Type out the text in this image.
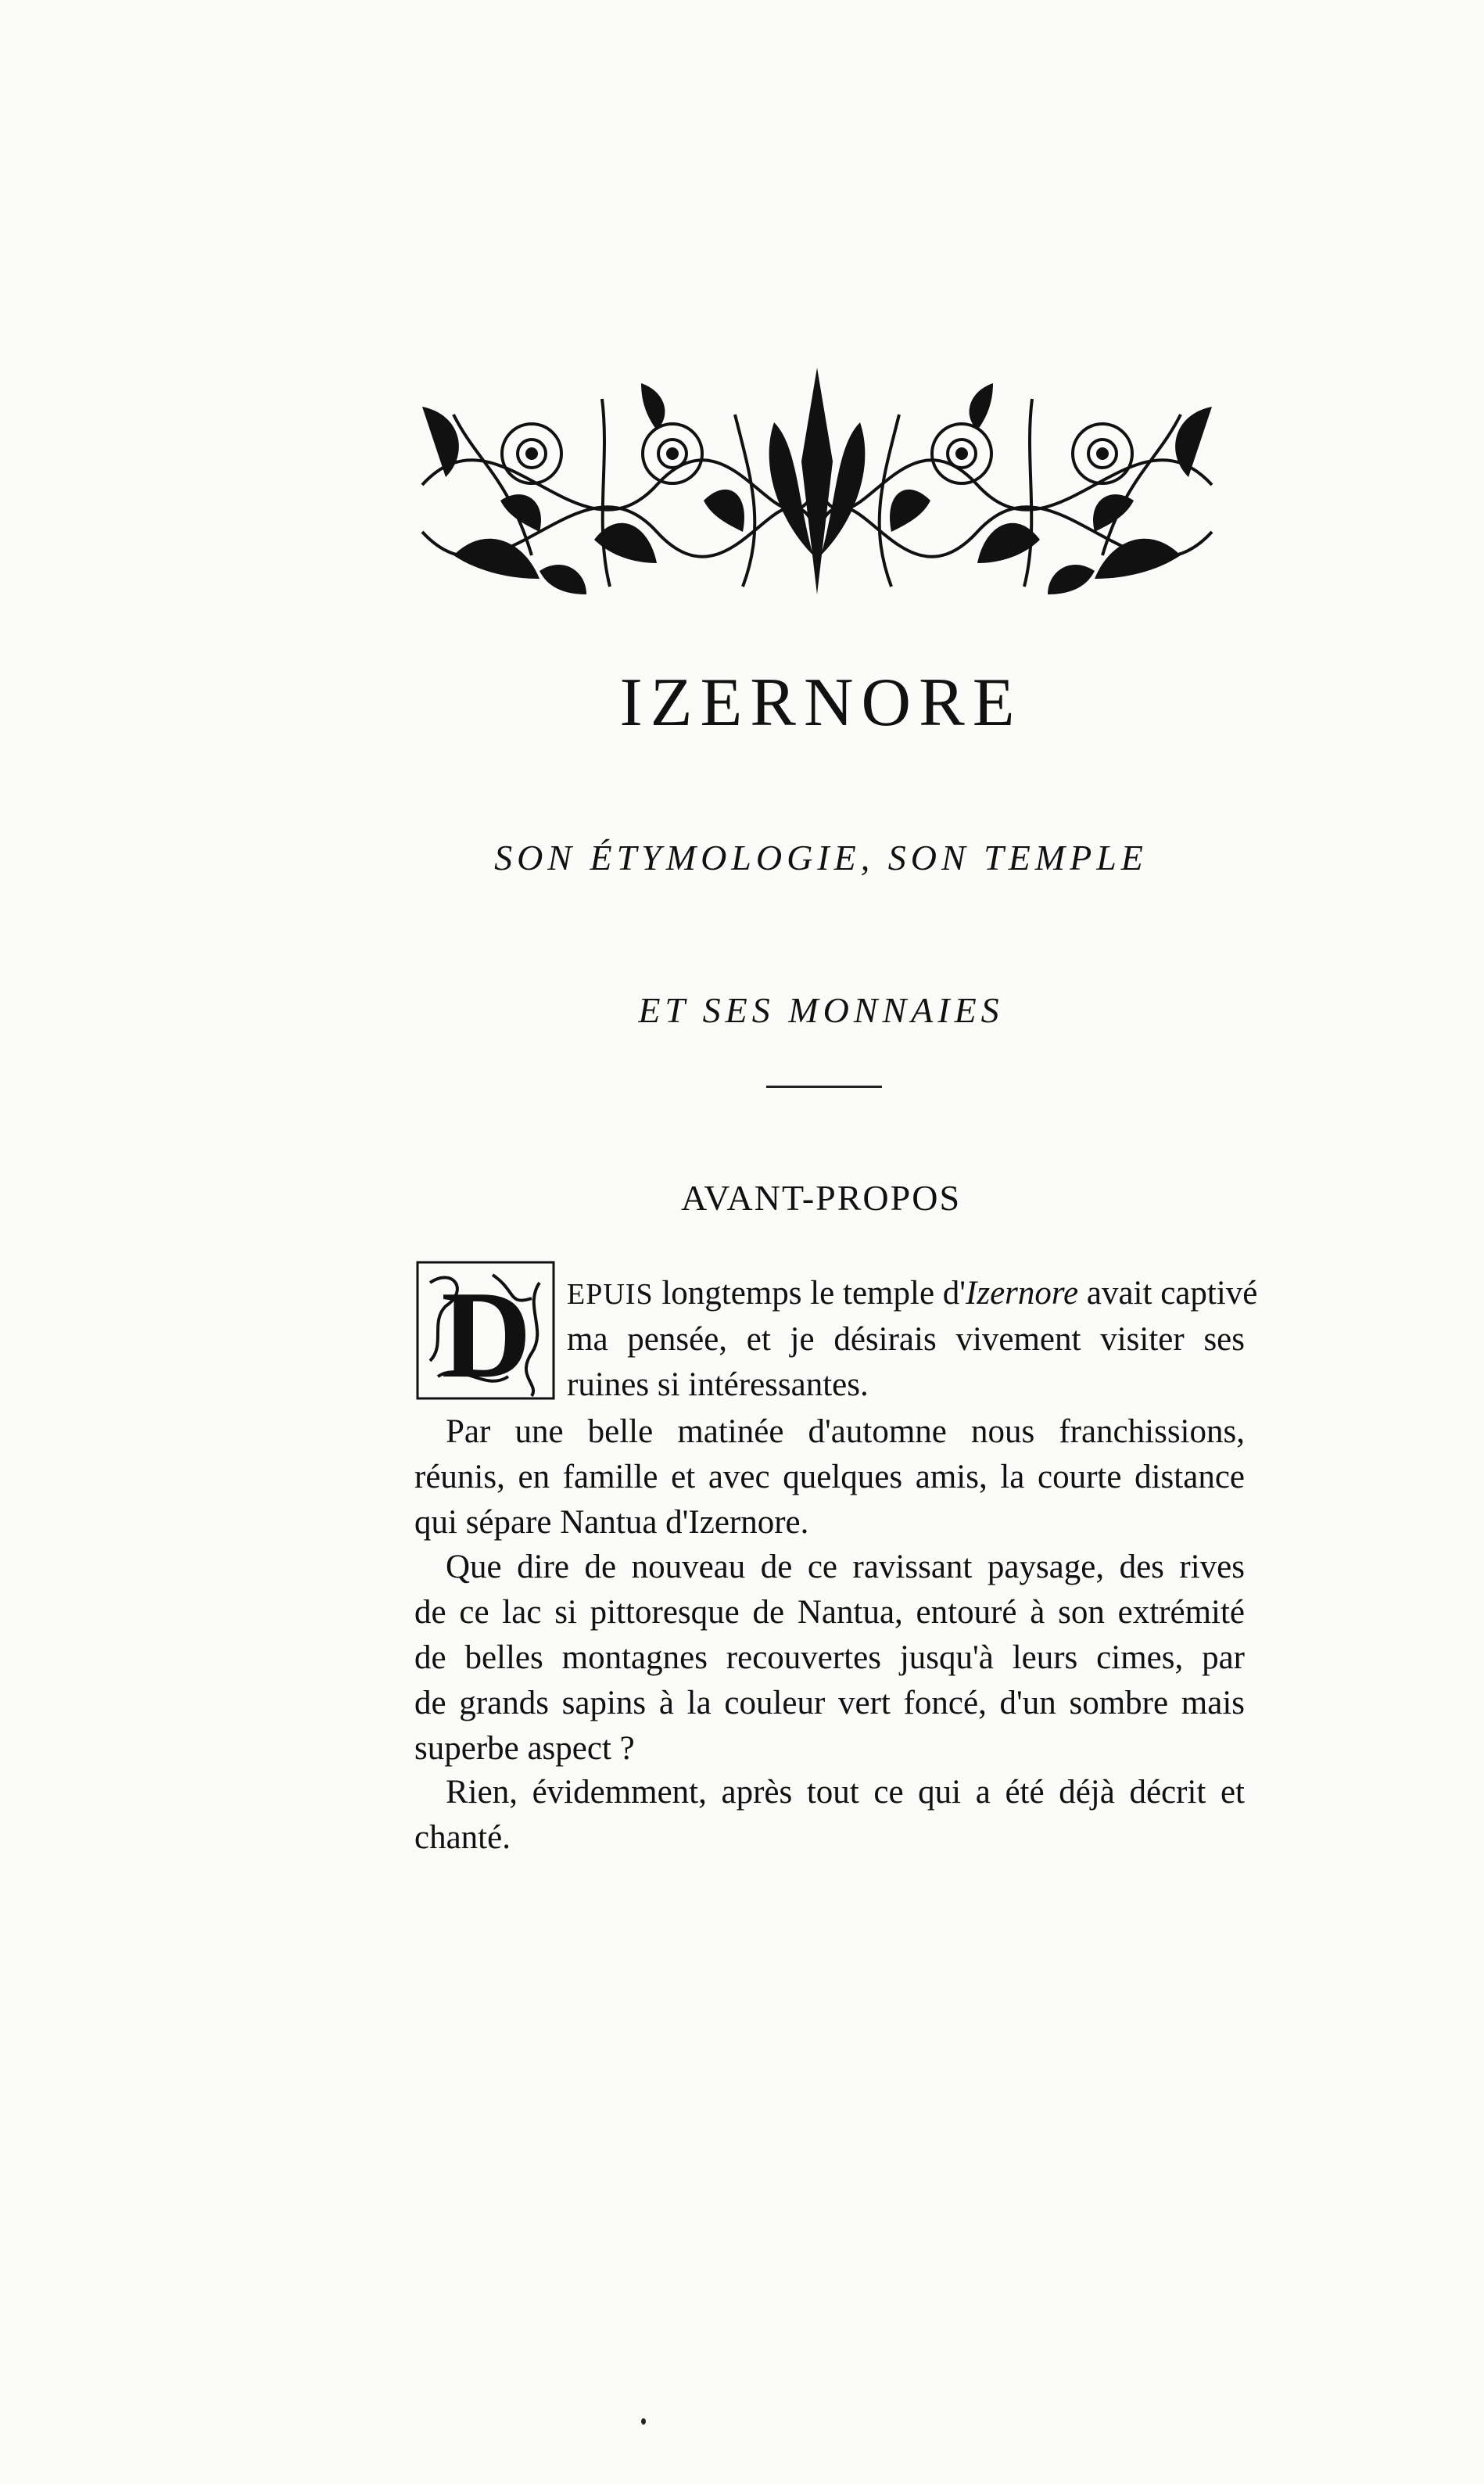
IZERNORE
SON ÉTYMOLOGIE, SON TEMPLE
ET SES MONNAIES
AVANT-PROPOS
D EPUIS longtemps le temple d'Izernore avait captivé
ma pensée, et je désirais vivement visiter ses
ruines si intéressantes.
Par une belle matinée d'automne nous franchissions,
réunis, en famille et avec quelques amis, la courte distance
qui sépare Nantua d'Izernore.
Que dire de nouveau de ce ravissant paysage, des rives
de ce lac si pittoresque de Nantua, entouré à son extrémité
de belles montagnes recouvertes jusqu'à leurs cimes, par
de grands sapins à la couleur vert foncé, d'un sombre mais
superbe aspect ?
Rien, évidemment, après tout ce qui a été déjà décrit et
chanté.
